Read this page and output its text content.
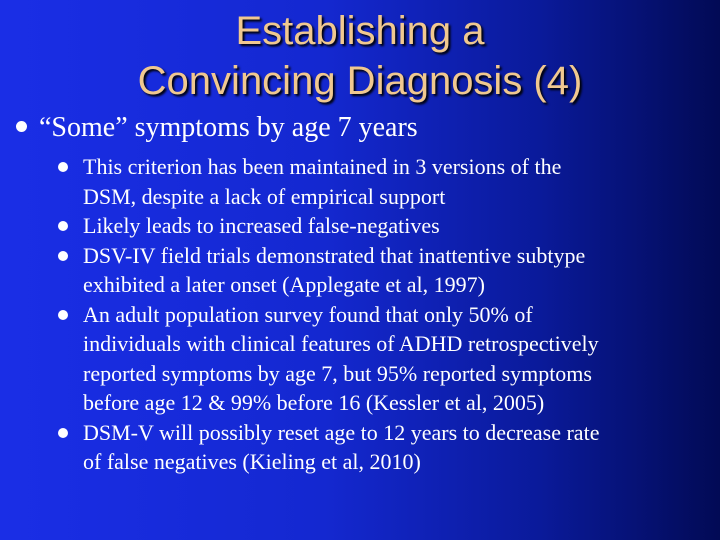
Establishing a
Convincing Diagnosis (4)
“Some” symptoms by age 7 years
This criterion has been maintained in 3 versions of the
DSM, despite a lack of empirical support
Likely leads to increased false-negatives
DSV-IV field trials demonstrated that inattentive subtype
exhibited a later onset (Applegate et al, 1997)
An adult population survey found that only 50% of
individuals with clinical features of ADHD retrospectively
reported symptoms by age 7, but 95% reported symptoms
before age 12 & 99% before 16 (Kessler et al, 2005)
DSM-V will possibly reset age to 12 years to decrease rate
of false negatives (Kieling et al, 2010)
